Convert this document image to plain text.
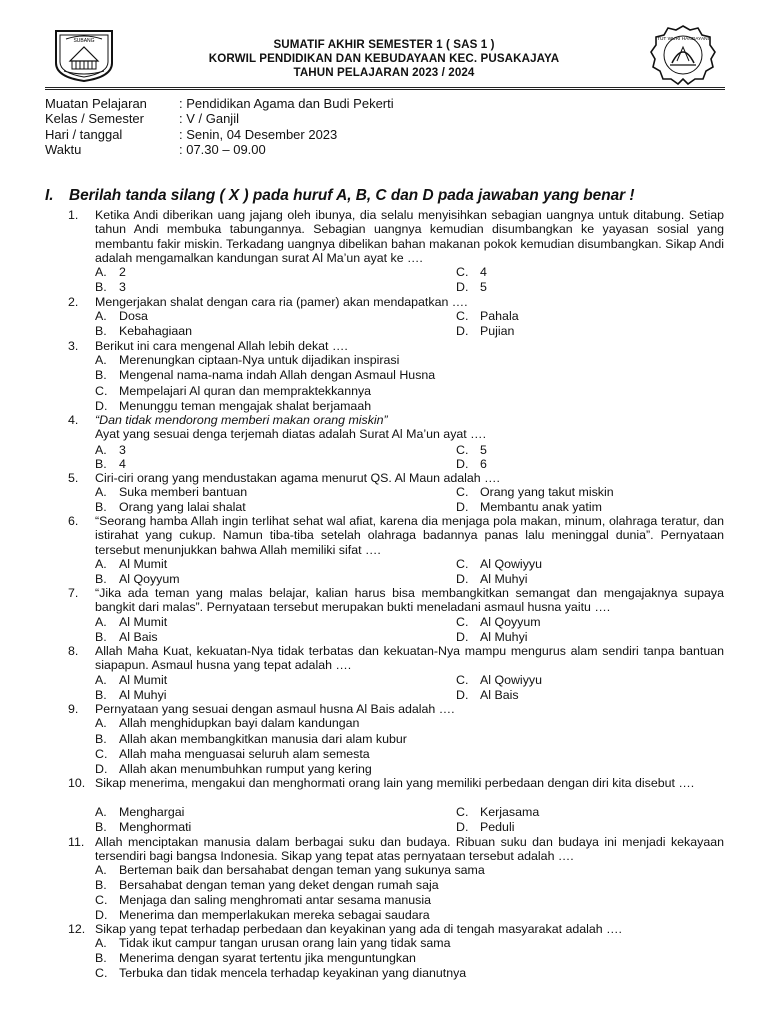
SUBANG	TUT WURI HANDAYANI
SUMATIF AKHIR SEMESTER 1 ( SAS 1 )
KORWIL PENDIDIKAN DAN KEBUDAYAAN KEC. PUSAKAJAYA
TAHUN PELAJARAN 2023 / 2024
Muatan Pelajaran : Pendidikan Agama dan Budi Pekerti
Kelas / Semester	: V / Ganjil
Hari / tanggal	: Senin, 04 Desember 2023
Waktu	: 07.30 – 09.00
I. Berilah tanda silang ( X ) pada huruf A, B, C dan D pada jawaban yang benar !
1. Ketika Andi diberikan uang jajang oleh ibunya, dia selalu menyisihkan sebagian uangnya untuk ditabung. Setiap tahun Andi membuka tabungannya. Sebagian uangnya kemudian disumbangkan ke yayasan sosial yang membantu fakir miskin. Terkadang uangnya dibelikan bahan makanan pokok kemudian disumbangkan. Sikap Andi adalah mengamalkan kandungan surat Al Ma’un ayat ke ….
A. 2
B. 3
C. 4
D. 5
2. Mengerjakan shalat dengan cara ria (pamer) akan mendapatkan ….
A. Dosa
B. Kebahagiaan
C. Pahala
D. Pujian
3. Berikut ini cara mengenal Allah lebih dekat ….
A. Merenungkan ciptaan-Nya untuk dijadikan inspirasi
B. Mengenal nama-nama indah Allah dengan Asmaul Husna
C. Mempelajari Al quran dan mempraktekkannya
D. Menunggu teman mengajak shalat berjamaah
4. “Dan tidak mendorong memberi makan orang miskin”
Ayat yang sesuai denga terjemah diatas adalah Surat Al Ma’un ayat ….
A. 3
B. 4
C. 5
D. 6
5. Ciri-ciri orang yang mendustakan agama menurut QS. Al Maun adalah ….
A. Suka memberi bantuan
B. Orang yang lalai shalat
C. Orang yang takut miskin
D. Membantu anak yatim
6. “Seorang hamba Allah ingin terlihat sehat wal afiat, karena dia menjaga pola makan, minum, olahraga teratur, dan istirahat yang cukup. Namun tiba-tiba setelah olahraga badannya panas lalu meninggal dunia”. Pernyataan tersebut menunjukkan bahwa Allah memiliki sifat ….
A. Al Mumit
B. Al Qoyyum
C. Al Qowiyyu
D. Al Muhyi
7. “Jika ada teman yang malas belajar, kalian harus bisa membangkitkan semangat dan mengajaknya supaya bangkit dari malas”. Pernyataan tersebut merupakan bukti meneladani asmaul husna yaitu ….
A. Al Mumit
B. Al Bais
C. Al Qoyyum
D. Al Muhyi
8. Allah Maha Kuat, kekuatan-Nya tidak terbatas dan kekuatan-Nya mampu mengurus alam sendiri tanpa bantuan siapapun. Asmaul husna yang tepat adalah ….
A. Al Mumit
B. Al Muhyi
C. Al Qowiyyu
D. Al Bais
9. Pernyataan yang sesuai dengan asmaul husna Al Bais adalah ….
A. Allah menghidupkan bayi dalam kandungan
B. Allah akan membangkitkan manusia dari alam kubur
C. Allah maha menguasai seluruh alam semesta
D. Allah akan menumbuhkan rumput yang kering
10. Sikap menerima, mengakui dan menghormati orang lain yang memiliki perbedaan dengan diri kita disebut ….
A. Menghargai
B. Menghormati
C. Kerjasama
D. Peduli
11. Allah menciptakan manusia dalam berbagai suku dan budaya. Ribuan suku dan budaya ini menjadi kekayaan tersendiri bagi bangsa Indonesia. Sikap yang tepat atas pernyataan tersebut adalah ….
A. Berteman baik dan bersahabat dengan teman yang sukunya sama
B. Bersahabat dengan teman yang deket dengan rumah saja
C. Menjaga dan saling menghromati antar sesama manusia
D. Menerima dan memperlakukan mereka sebagai saudara
12. Sikap yang tepat terhadap perbedaan dan keyakinan yang ada di tengah masyarakat adalah ….
A. Tidak ikut campur tangan urusan orang lain yang tidak sama
B. Menerima dengan syarat tertentu jika menguntungkan
C. Terbuka dan tidak mencela terhadap keyakinan yang dianutnya
